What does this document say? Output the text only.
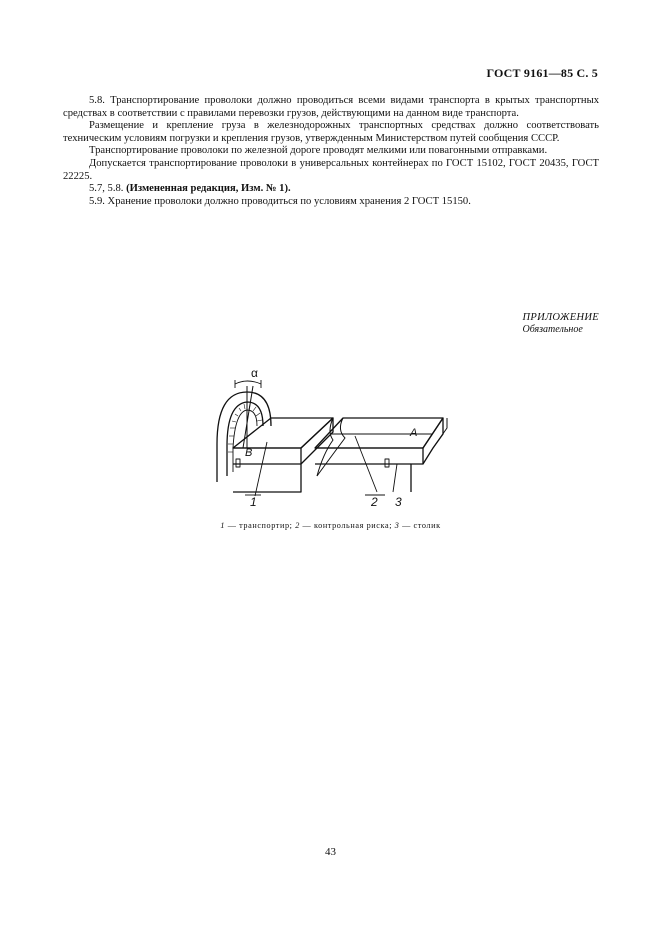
ГОСТ 9161—85 С. 5

5.8. Транспортирование проволоки должно проводиться всеми видами транспорта в крытых транспортных средствах в соответствии с правилами перевозки грузов, действующими на данном виде транспорта.

Размещение и крепление груза в железнодорожных транспортных средствах должно соответствовать техническим условиям погрузки и крепления грузов, утвержденным Министерством путей сообщения СССР.

Транспортирование проволоки по железной дороге проводят мелкими или повагонными отправками.

Допускается транспортирование проволоки в универсальных контейнерах по ГОСТ 15102, ГОСТ 20435, ГОСТ 22225.

5.7, 5.8. (Измененная редакция, Изм. № 1).

5.9. Хранение проволоки должно проводиться по условиям хранения 2 ГОСТ 15150.

ПРИЛОЖЕНИЕ
Обязательное
α
A
B
1	2 3
1 — транспортир; 2 — контрольная риска; 3 — столик
43
